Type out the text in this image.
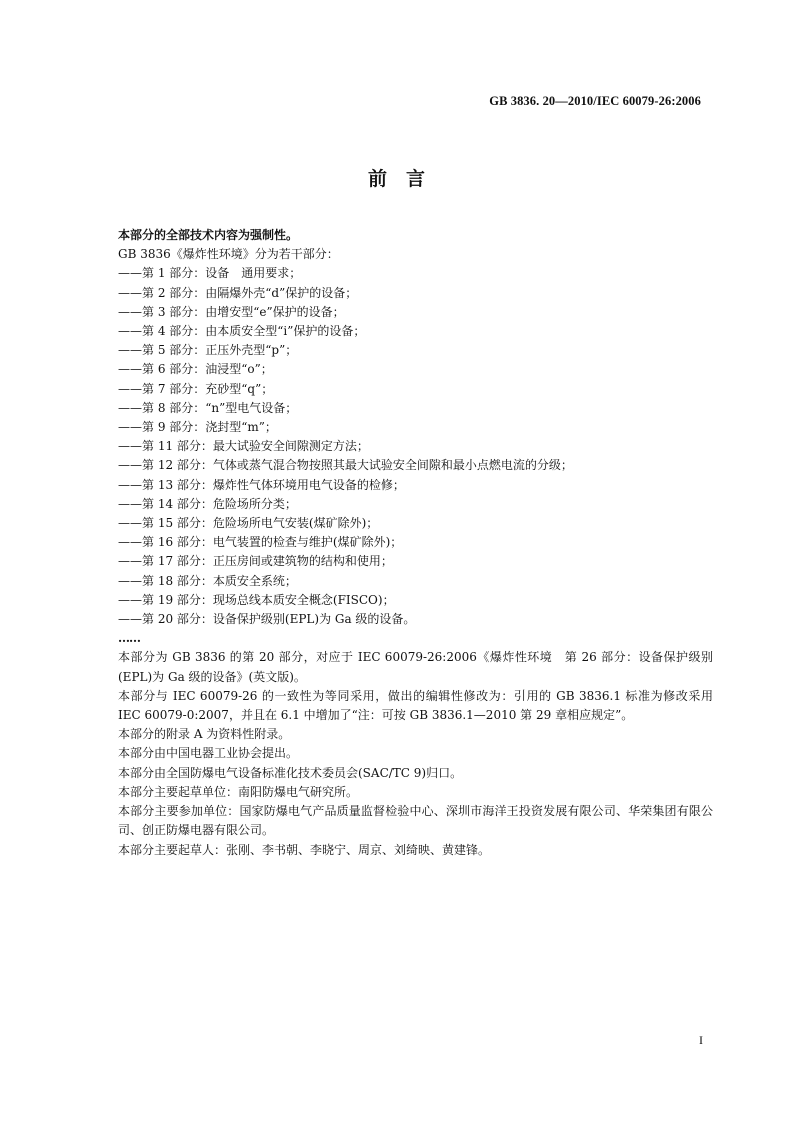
GB 3836. 20—2010/IEC 60079-26:2006
前　言

本部分的全部技术内容为强制性。

GB 3836《爆炸性环境》分为若干部分：

——第 1 部分：设备　通用要求；
——第 2 部分：由隔爆外壳“d”保护的设备；
——第 3 部分：由增安型“e”保护的设备；
——第 4 部分：由本质安全型“i”保护的设备；
——第 5 部分：正压外壳型“p”；
——第 6 部分：油浸型“o”；
——第 7 部分：充砂型“q”；
——第 8 部分：“n”型电气设备；
——第 9 部分：浇封型“m”；
——第 11 部分：最大试验安全间隙测定方法；
——第 12 部分：气体或蒸气混合物按照其最大试验安全间隙和最小点燃电流的分级；
——第 13 部分：爆炸性气体环境用电气设备的检修；
——第 14 部分：危险场所分类；
——第 15 部分：危险场所电气安装(煤矿除外)；
——第 16 部分：电气装置的检查与维护(煤矿除外)；
——第 17 部分：正压房间或建筑物的结构和使用；
——第 18 部分：本质安全系统；
——第 19 部分：现场总线本质安全概念(FISCO)；
——第 20 部分：设备保护级别(EPL)为 Ga 级的设备。

……

本部分为 GB 3836 的第 20 部分，对应于 IEC 60079-26:2006《爆炸性环境　第 26 部分：设备保护级别(EPL)为 Ga 级的设备》(英文版)。

本部分与 IEC 60079-26 的一致性为等同采用，做出的编辑性修改为：引用的 GB 3836.1 标准为修改采用 IEC 60079-0:2007，并且在 6.1 中增加了“注：可按 GB 3836.1—2010 第 29 章相应规定”。

本部分的附录 A 为资料性附录。

本部分由中国电器工业协会提出。

本部分由全国防爆电气设备标准化技术委员会(SAC/TC 9)归口。

本部分主要起草单位：南阳防爆电气研究所。

本部分主要参加单位：国家防爆电气产品质量监督检验中心、深圳市海洋王投资发展有限公司、华荣集团有限公司、创正防爆电器有限公司。

本部分主要起草人：张刚、李书朝、李晓宁、周京、刘绮映、黄建锋。

I
